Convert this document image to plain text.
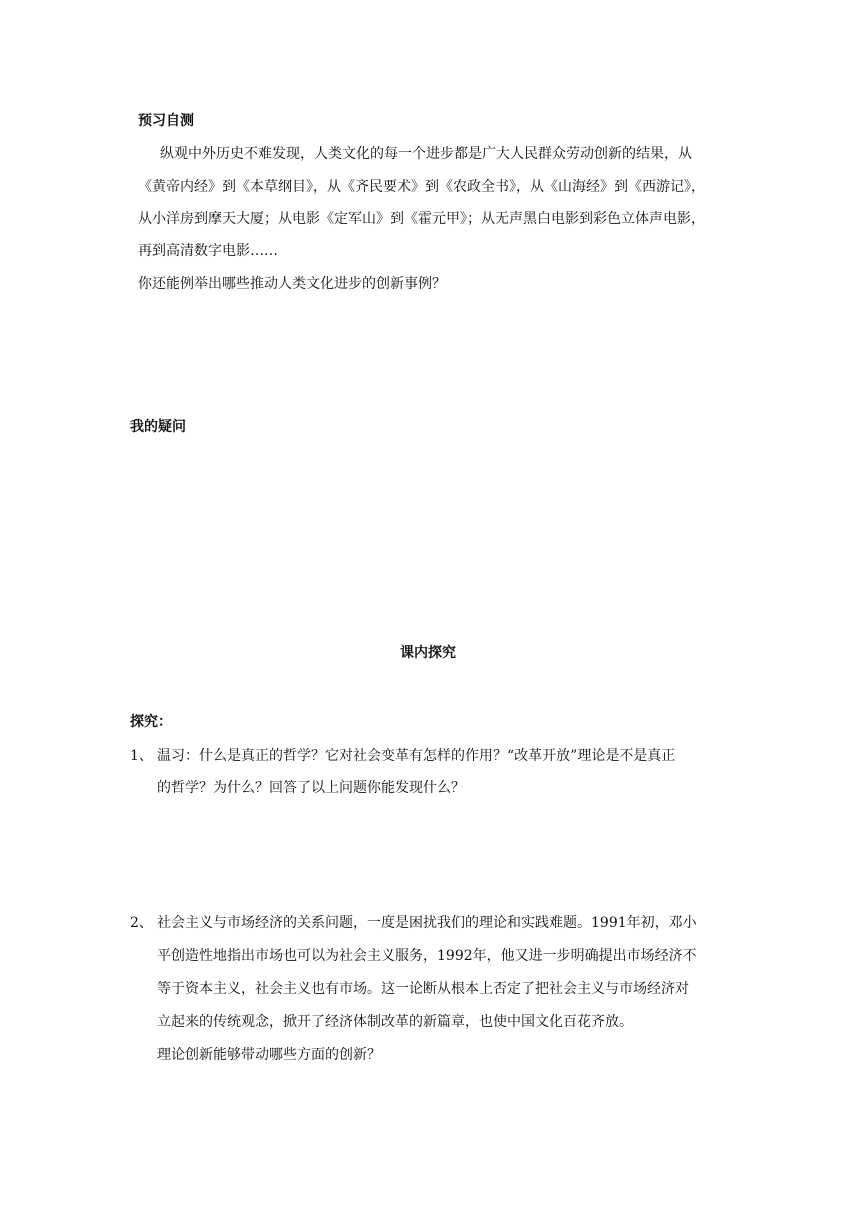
预习自测
纵观中外历史不难发现，人类文化的每一个进步都是广大人民群众劳动创新的结果，从
《黄帝内经》到《本草纲目》，从《齐民要术》到《农政全书》，从《山海经》到《西游记》，
从小洋房到摩天大厦；从电影《定军山》到《霍元甲》；从无声黑白电影到彩色立体声电影，
再到高清数字电影……
你还能例举出哪些推动人类文化进步的创新事例？
我的疑问
课内探究
探究：
1、 温习：什么是真正的哲学？它对社会变革有怎样的作用？“改革开放”理论是不是真正
的哲学？为什么？回答了以上问题你能发现什么？
2、 社会主义与市场经济的关系问题，一度是困扰我们的理论和实践难题。1991年初，邓小
平创造性地指出市场也可以为社会主义服务，1992年，他又进一步明确提出市场经济不
等于资本主义，社会主义也有市场。这一论断从根本上否定了把社会主义与市场经济对
立起来的传统观念，掀开了经济体制改革的新篇章，也使中国文化百花齐放。
理论创新能够带动哪些方面的创新？
